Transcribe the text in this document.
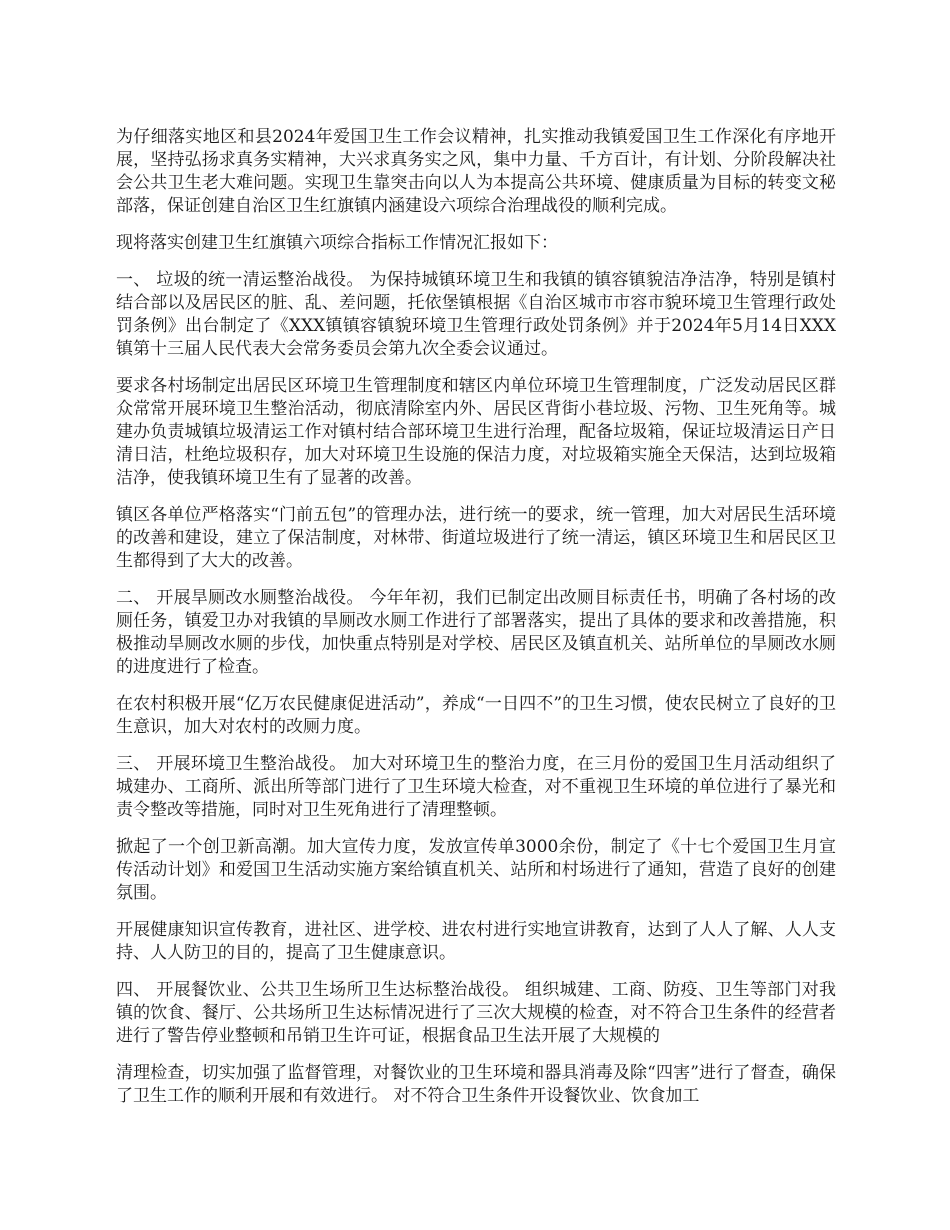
为仔细落实地区和县2024年爱国卫生工作会议精神，扎实推动我镇爱国卫生工作深化有序地开展，坚持弘扬求真务实精神，大兴求真务实之风，集中力量、千方百计，有计划、分阶段解决社会公共卫生老大难问题。实现卫生靠突击向以人为本提高公共环境、健康质量为目标的转变文秘部落，保证创建自治区卫生红旗镇内涵建设六项综合治理战役的顺利完成。

现将落实创建卫生红旗镇六项综合指标工作情况汇报如下：

一、 垃圾的统一清运整治战役。 为保持城镇环境卫生和我镇的镇容镇貌洁净洁净，特别是镇村结合部以及居民区的脏、乱、差问题，托依堡镇根据《自治区城市市容市貌环境卫生管理行政处罚条例》出台制定了《XXX镇镇容镇貌环境卫生管理行政处罚条例》并于2024年5月14日XXX镇第十三届人民代表大会常务委员会第九次全委会议通过。

要求各村场制定出居民区环境卫生管理制度和辖区内单位环境卫生管理制度，广泛发动居民区群众常常开展环境卫生整治活动，彻底清除室内外、居民区背街小巷垃圾、污物、卫生死角等。城建办负责城镇垃圾清运工作对镇村结合部环境卫生进行治理，配备垃圾箱，保证垃圾清运日产日清日洁，杜绝垃圾积存，加大对环境卫生设施的保洁力度，对垃圾箱实施全天保洁，达到垃圾箱洁净，使我镇环境卫生有了显著的改善。

镇区各单位严格落实“门前五包”的管理办法，进行统一的要求，统一管理，加大对居民生活环境的改善和建设，建立了保洁制度，对林带、街道垃圾进行了统一清运，镇区环境卫生和居民区卫生都得到了大大的改善。

二、 开展旱厕改水厕整治战役。 今年年初，我们已制定出改厕目标责任书，明确了各村场的改厕任务，镇爱卫办对我镇的旱厕改水厕工作进行了部署落实，提出了具体的要求和改善措施，积极推动旱厕改水厕的步伐，加快重点特别是对学校、居民区及镇直机关、站所单位的旱厕改水厕的进度进行了检查。

在农村积极开展“亿万农民健康促进活动”，养成“一日四不”的卫生习惯，使农民树立了良好的卫生意识，加大对农村的改厕力度。

三、 开展环境卫生整治战役。 加大对环境卫生的整治力度，在三月份的爱国卫生月活动组织了城建办、工商所、派出所等部门进行了卫生环境大检查，对不重视卫生环境的单位进行了暴光和责令整改等措施，同时对卫生死角进行了清理整顿。

掀起了一个创卫新高潮。加大宣传力度，发放宣传单3000余份，制定了《十七个爱国卫生月宣传活动计划》和爱国卫生活动实施方案给镇直机关、站所和村场进行了通知，营造了良好的创建氛围。

开展健康知识宣传教育，进社区、进学校、进农村进行实地宣讲教育，达到了人人了解、人人支持、人人防卫的目的，提高了卫生健康意识。

四、 开展餐饮业、公共卫生场所卫生达标整治战役。 组织城建、工商、防疫、卫生等部门对我镇的饮食、餐厅、公共场所卫生达标情况进行了三次大规模的检查，对不符合卫生条件的经营者进行了警告停业整顿和吊销卫生许可证，根据食品卫生法开展了大规模的

清理检查，切实加强了监督管理，对餐饮业的卫生环境和器具消毒及除“四害”进行了督查，确保了卫生工作的顺利开展和有效进行。 对不符合卫生条件开设餐饮业、饮食加工
